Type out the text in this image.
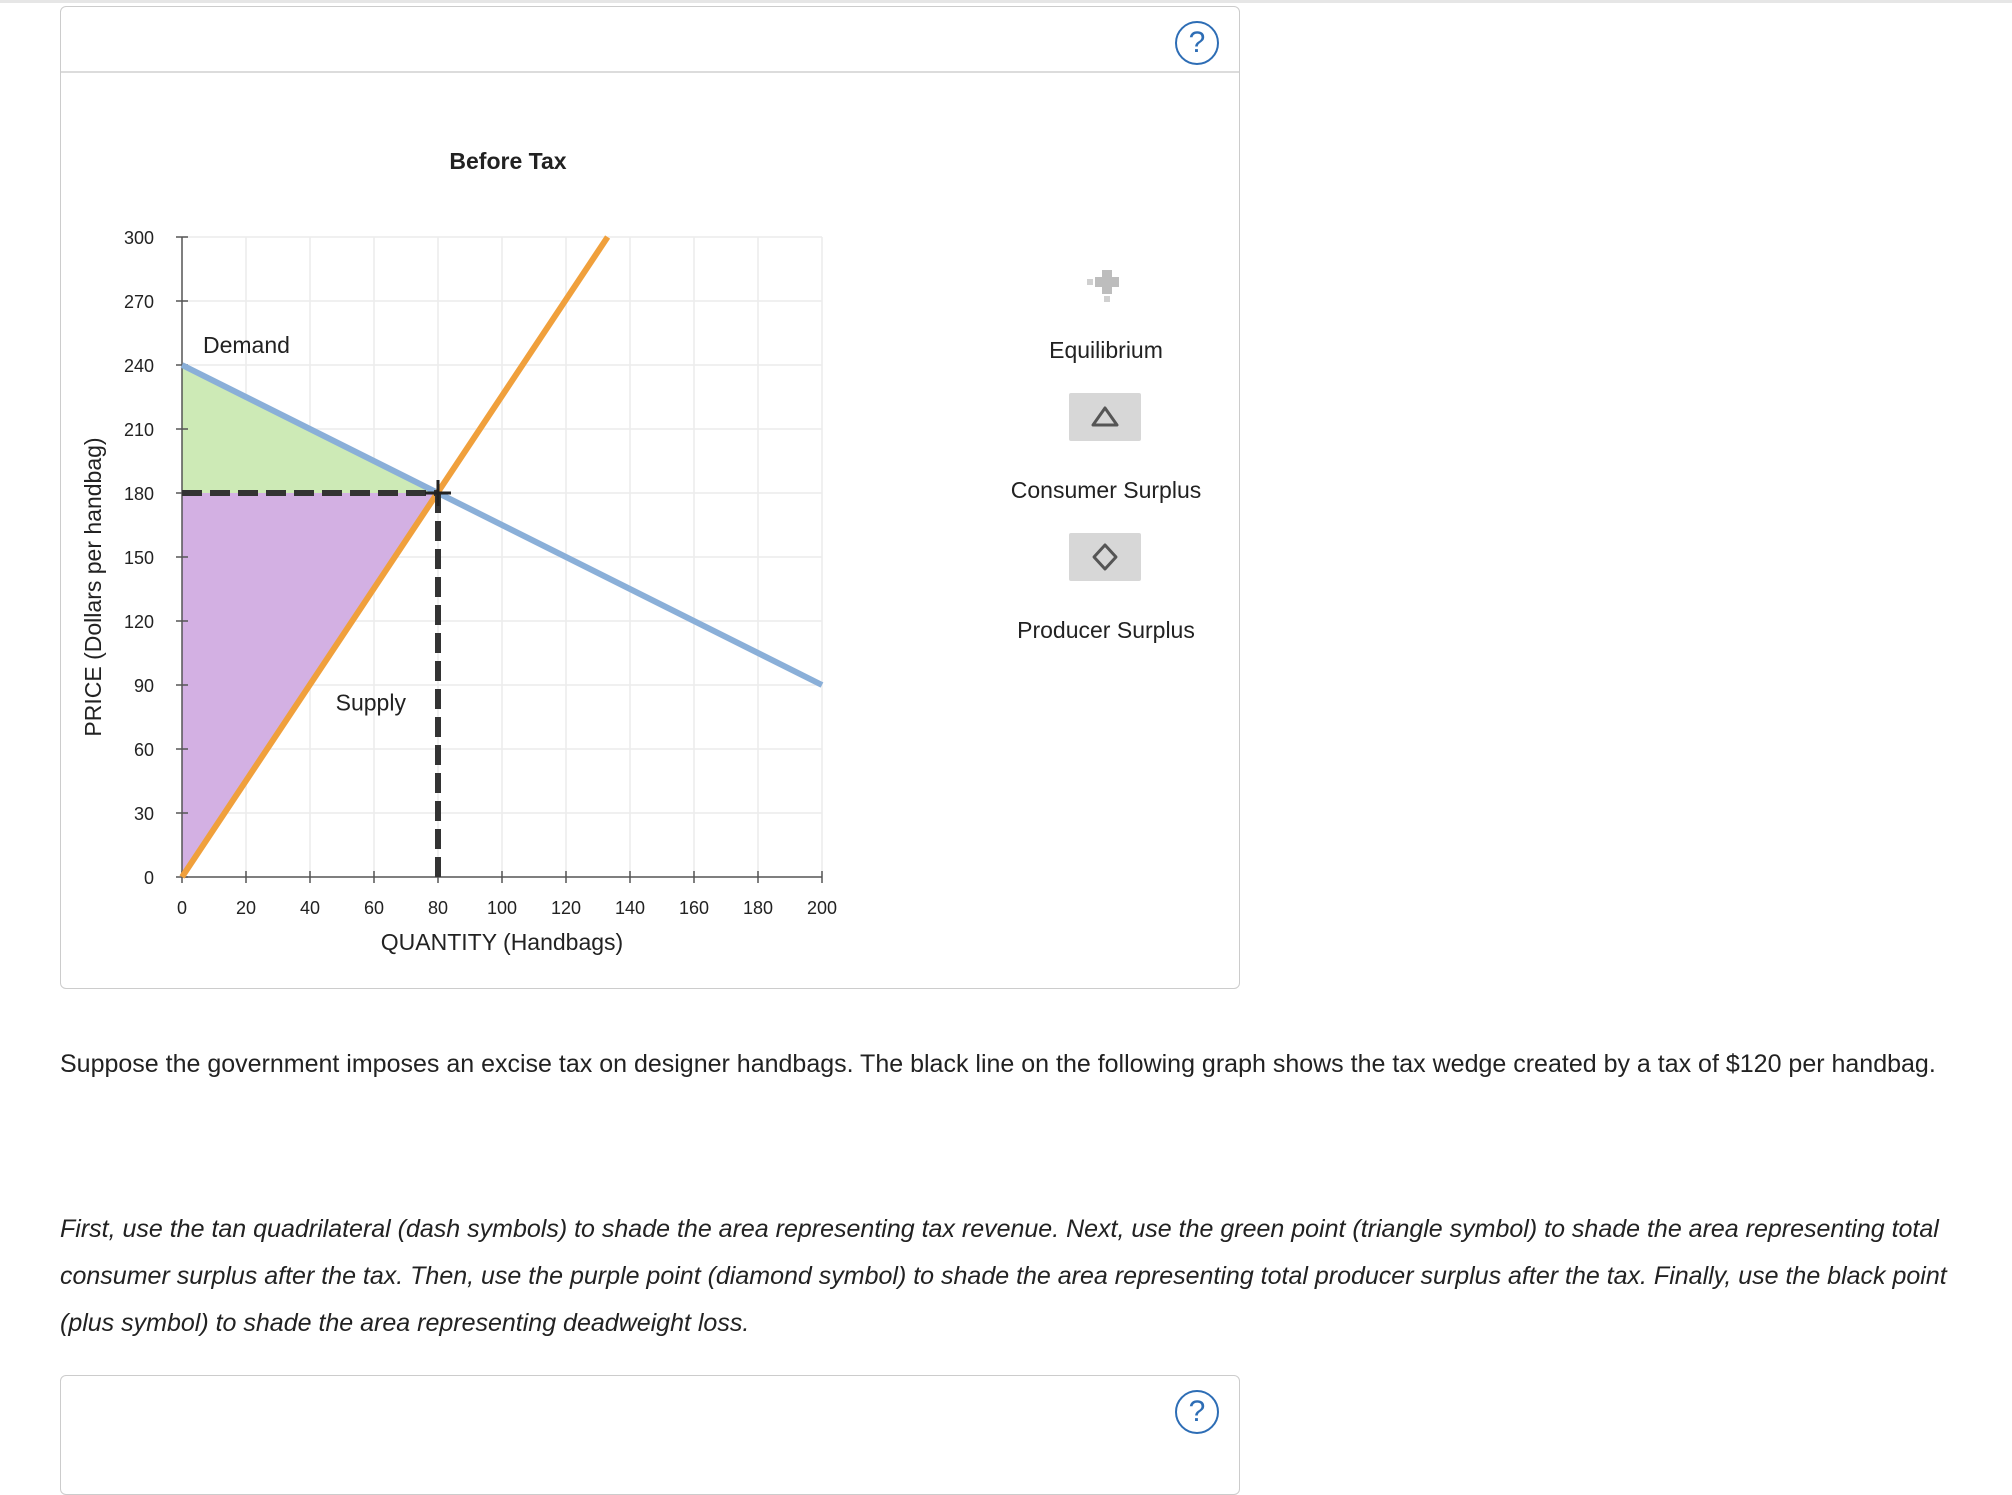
?
0
30
60
90
120
150
180
210
240
270
300
0	20 40 60 80 100 120 140 160 180 200
QUANTITY (Handbags)
PRICE (Dollars per handbag)
Before Tax
Demand
Supply
Equilibrium
Consumer Surplus
Producer Surplus
Suppose the government imposes an excise tax on designer handbags. The black line on the following graph shows the tax wedge created by a tax of $120 per handbag.
First, use the tan quadrilateral (dash symbols) to shade the area representing tax revenue. Next, use the green point (triangle symbol) to shade the area representing total consumer surplus after the tax. Then, use the purple point (diamond symbol) to shade the area representing total producer surplus after the tax. Finally, use the black point (plus symbol) to shade the area representing deadweight loss.
?
